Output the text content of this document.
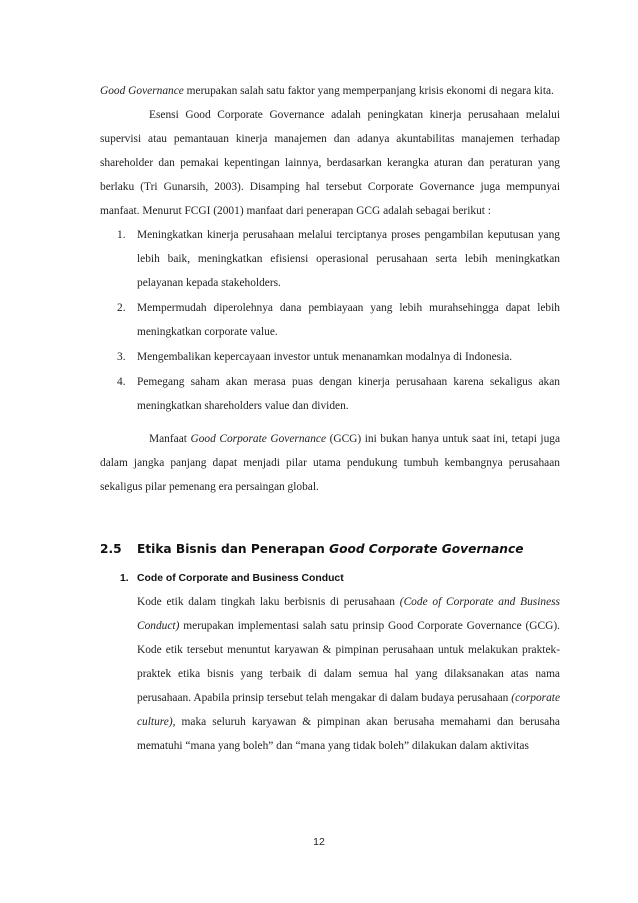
Good Governance merupakan salah satu faktor yang memperpanjang krisis ekonomi di negara kita.

Esensi Good Corporate Governance adalah peningkatan kinerja perusahaan melalui supervisi atau pemantauan kinerja manajemen dan adanya akuntabilitas manajemen terhadap shareholder dan pemakai kepentingan lainnya, berdasarkan kerangka aturan dan peraturan yang berlaku (Tri Gunarsih, 2003). Disamping hal tersebut Corporate Governance juga mempunyai manfaat. Menurut FCGI (2001) manfaat dari penerapan GCG adalah sebagai berikut :

1. Meningkatkan kinerja perusahaan melalui terciptanya proses pengambilan keputusan yang lebih baik, meningkatkan efisiensi operasional perusahaan serta lebih meningkatkan pelayanan kepada stakeholders.

2. Mempermudah diperolehnya dana pembiayaan yang lebih murahsehingga dapat lebih meningkatkan corporate value.

3. Mengembalikan kepercayaan investor untuk menanamkan modalnya di Indonesia.

4. Pemegang saham akan merasa puas dengan kinerja perusahaan karena sekaligus akan meningkatkan shareholders value dan dividen.

Manfaat Good Corporate Governance (GCG) ini bukan hanya untuk saat ini, tetapi juga dalam jangka panjang dapat menjadi pilar utama pendukung tumbuh kembangnya perusahaan sekaligus pilar pemenang era persaingan global.

2.5 Etika Bisnis dan Penerapan Good Corporate Governance
1. Code of Corporate and Business Conduct

Kode etik dalam tingkah laku berbisnis di perusahaan (Code of Corporate and Business Conduct) merupakan implementasi salah satu prinsip Good Corporate Governance (GCG). Kode etik tersebut menuntut karyawan & pimpinan perusahaan untuk melakukan praktek-praktek etika bisnis yang terbaik di dalam semua hal yang dilaksanakan atas nama perusahaan. Apabila prinsip tersebut telah mengakar di dalam budaya perusahaan (corporate culture), maka seluruh karyawan & pimpinan akan berusaha memahami dan berusaha mematuhi “mana yang boleh” dan “mana yang tidak boleh” dilakukan dalam aktivitas

12
